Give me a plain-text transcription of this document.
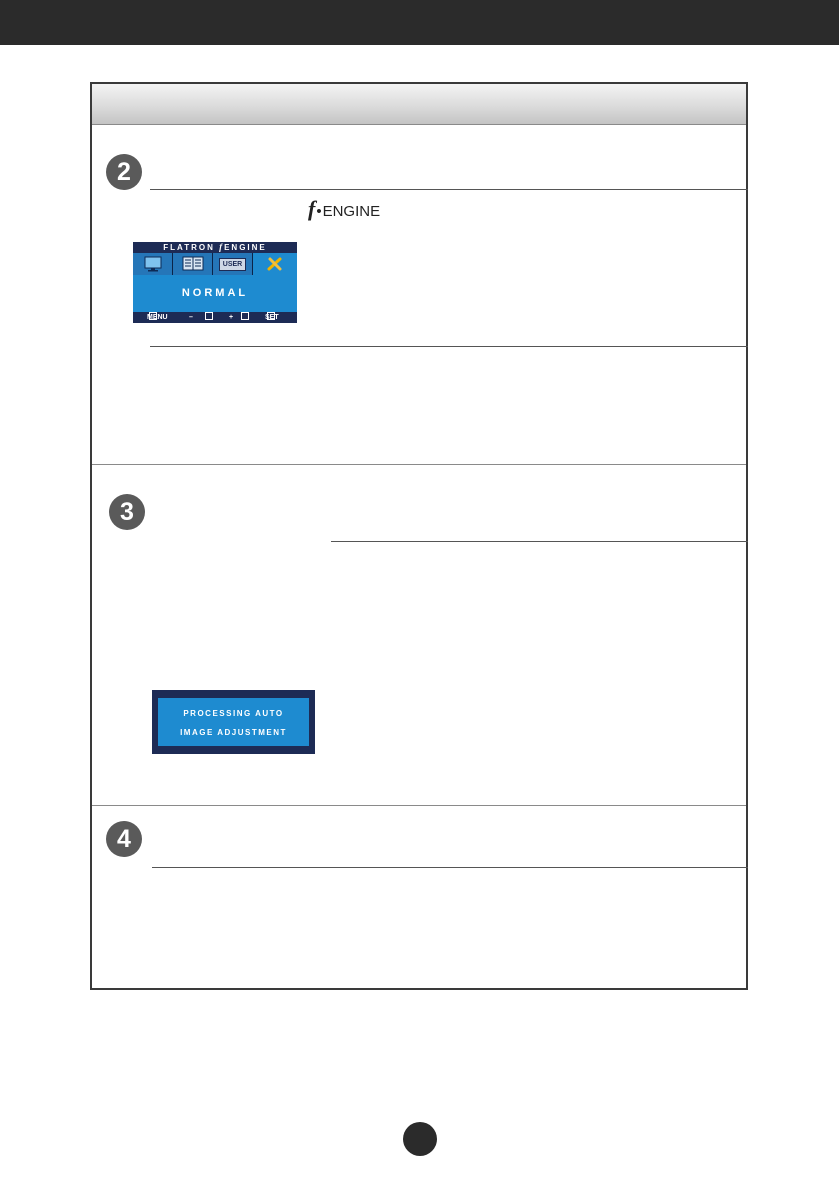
2
f•ENGINE
FLATRON fENGINE
USER
NORMAL
MENU	–	+	SET
3
PROCESSING AUTO
IMAGE ADJUSTMENT
4
